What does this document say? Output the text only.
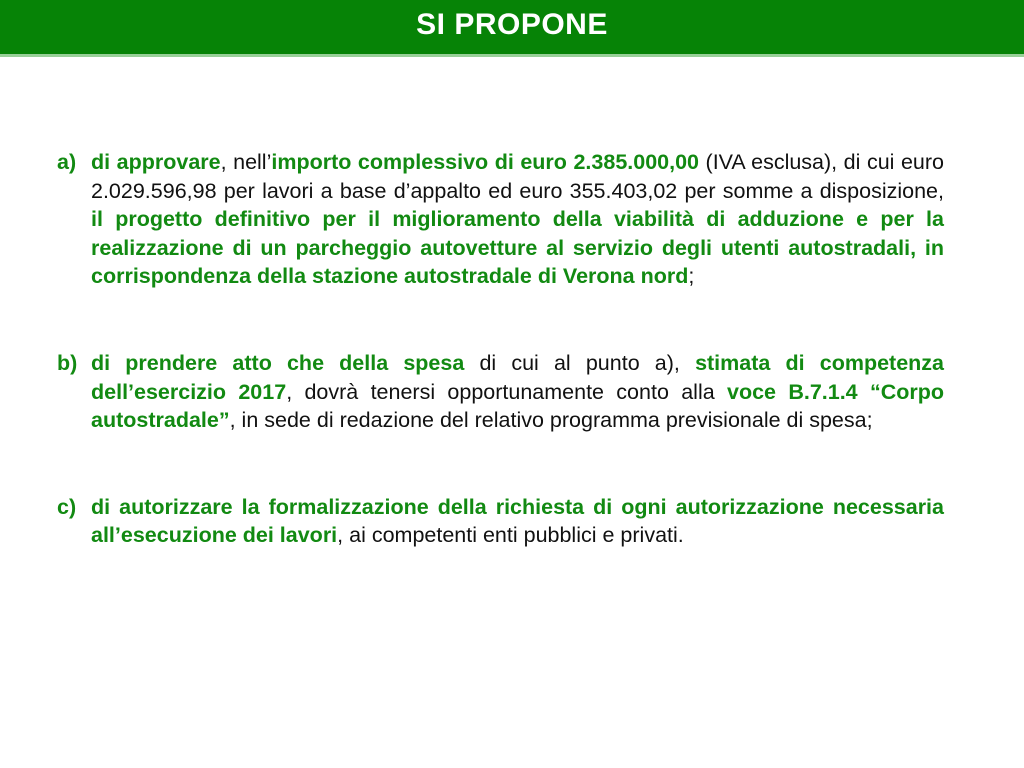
SI PROPONE
a) di approvare, nell’importo complessivo di euro 2.385.000,00 (IVA esclusa), di cui euro 2.029.596,98 per lavori a base d’appalto ed euro 355.403,02 per somme a disposizione, il progetto definitivo per il miglioramento della viabilità di adduzione e per la realizzazione di un parcheggio autovetture al servizio degli utenti autostradali, in corrispondenza della stazione autostradale di Verona nord;
b) di prendere atto che della spesa di cui al punto a), stimata di competenza dell’esercizio 2017, dovrà tenersi opportunamente conto alla voce B.7.1.4 “Corpo autostradale”, in sede di redazione del relativo programma previsionale di spesa;
c) di autorizzare la formalizzazione della richiesta di ogni autorizzazione necessaria all’esecuzione dei lavori, ai competenti enti pubblici e privati.
